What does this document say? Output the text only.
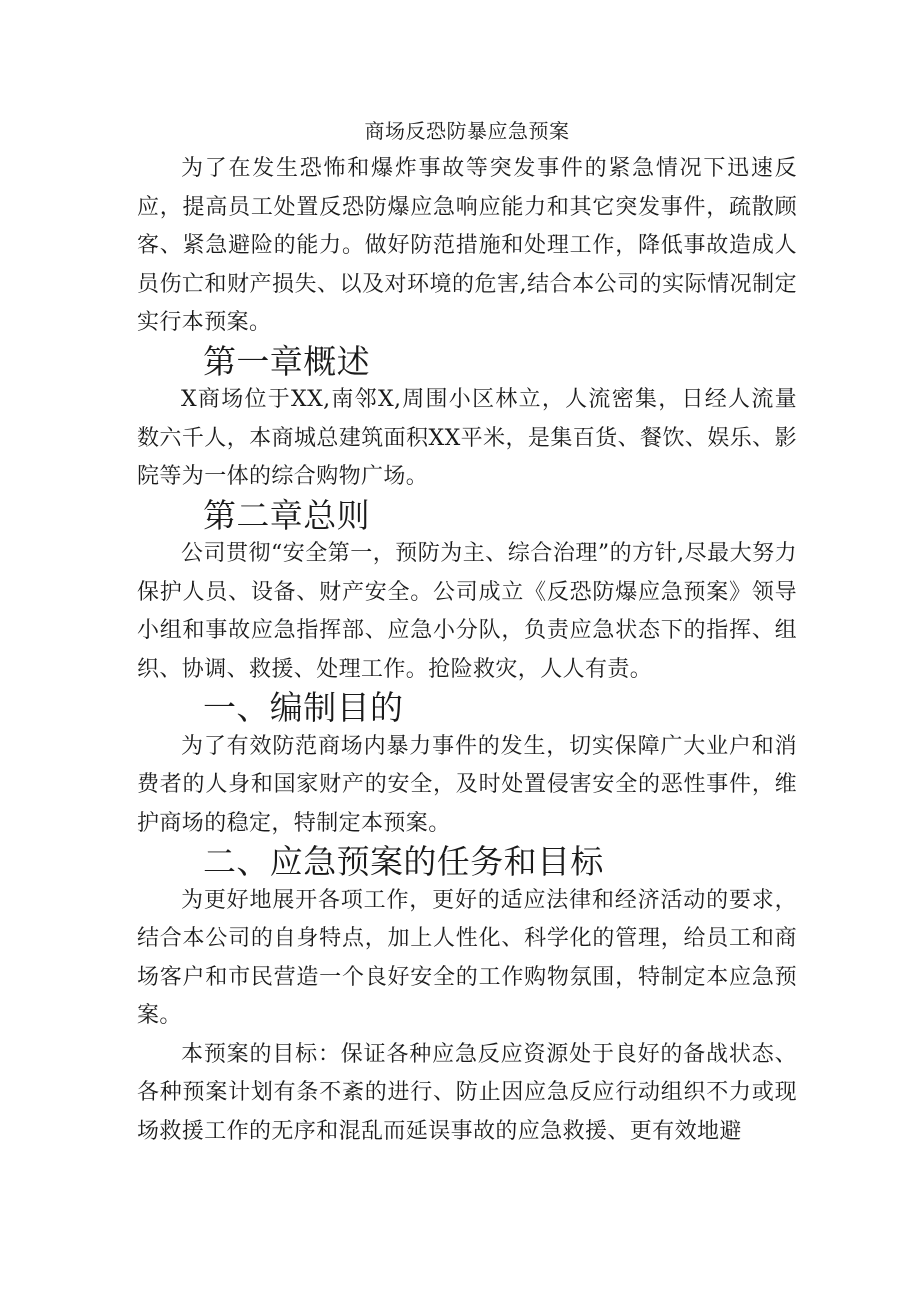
商场反恐防暴应急预案

为了在发生恐怖和爆炸事故等突发事件的紧急情况下迅速反应，提高员工处置反恐防爆应急响应能力和其它突发事件，疏散顾客、紧急避险的能力。做好防范措施和处理工作，降低事故造成人员伤亡和财产损失、以及对环境的危害,结合本公司的实际情况制定实行本预案。

第一章概述

X商场位于XX,南邻X,周围小区林立，人流密集，日经人流量数六千人，本商城总建筑面积XX平米，是集百货、餐饮、娱乐、影院等为一体的综合购物广场。

第二章总则

公司贯彻“安全第一，预防为主、综合治理”的方针,尽最大努力保护人员、设备、财产安全。公司成立《反恐防爆应急预案》领导小组和事故应急指挥部、应急小分队，负责应急状态下的指挥、组织、协调、救援、处理工作。抢险救灾，人人有责。

一、编制目的

为了有效防范商场内暴力事件的发生，切实保障广大业户和消费者的人身和国家财产的安全，及时处置侵害安全的恶性事件，维护商场的稳定，特制定本预案。

二、应急预案的任务和目标

为更好地展开各项工作，更好的适应法律和经济活动的要求，结合本公司的自身特点，加上人性化、科学化的管理，给员工和商场客户和市民营造一个良好安全的工作购物氛围，特制定本应急预案。

本预案的目标：保证各种应急反应资源处于良好的备战状态、各种预案计划有条不紊的进行、防止因应急反应行动组织不力或现场救援工作的无序和混乱而延误事故的应急救援、更有效地避
